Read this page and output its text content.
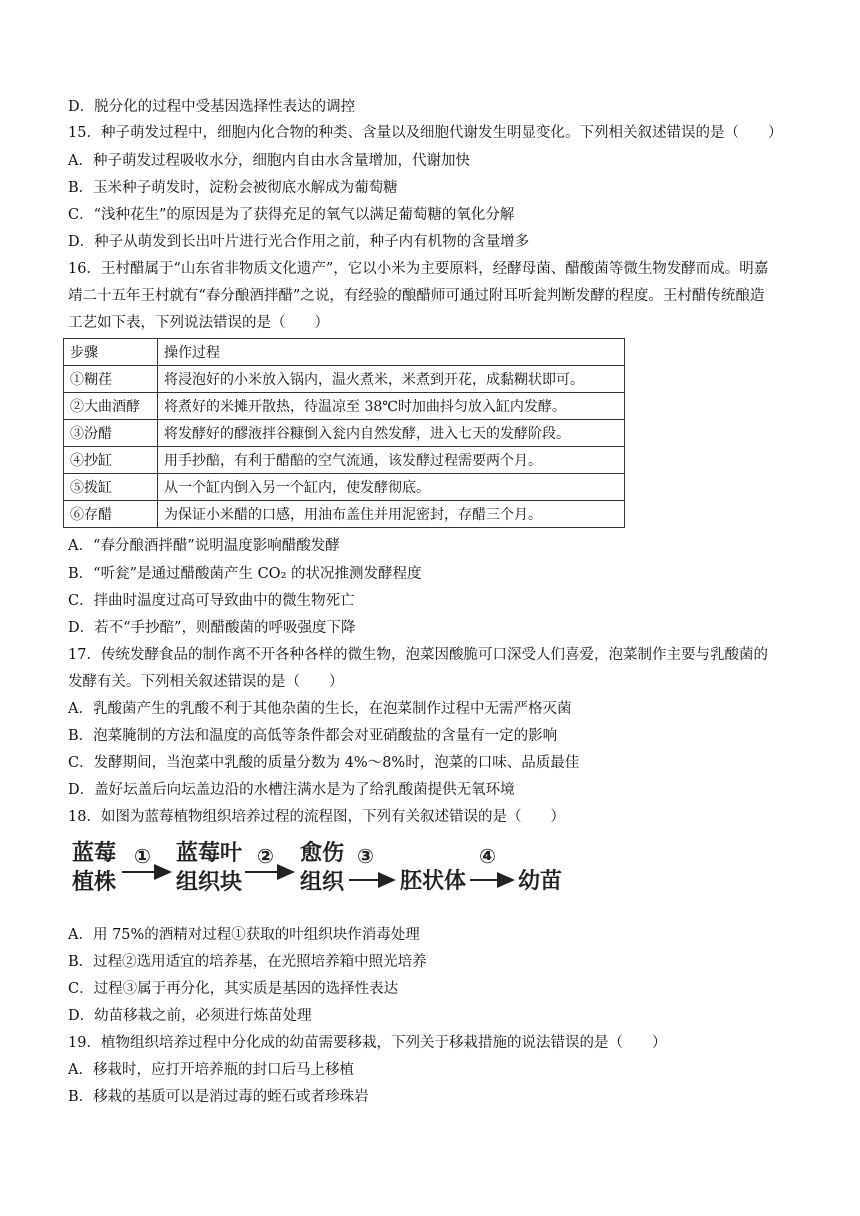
D．脱分化的过程中受基因选择性表达的调控
15．种子萌发过程中，细胞内化合物的种类、含量以及细胞代谢发生明显变化。下列相关叙述错误的是（　　）
A．种子萌发过程吸收水分，细胞内自由水含量增加，代谢加快
B．玉米种子萌发时，淀粉会被彻底水解成为葡萄糖
C．“浅种花生”的原因是为了获得充足的氧气以满足葡萄糖的氧化分解
D．种子从萌发到长出叶片进行光合作用之前，种子内有机物的含量增多
16．王村醋属于“山东省非物质文化遗产”，它以小米为主要原料，经酵母菌、醋酸菌等微生物发酵而成。明嘉
靖二十五年王村就有“春分酿酒拌醋”之说，有经验的酿醋师可通过附耳听瓮判断发酵的程度。王村醋传统酿造
工艺如下表，下列说法错误的是（　　）
步骤	操作过程
①糊荏	将浸泡好的小米放入锅内，温火煮米，米煮到开花，成黏糊状即可。
②大曲酒酵	将煮好的米摊开散热，待温凉至 38℃时加曲抖匀放入缸内发酵。
③汾醋	将发酵好的醪液拌谷糠倒入瓮内自然发酵，进入七天的发酵阶段。
④抄缸	用手抄醅，有利于醋醅的空气流通，该发酵过程需要两个月。
⑤拨缸	从一个缸内倒入另一个缸内，使发酵彻底。
⑥存醋	为保证小米醋的口感，用油布盖住并用泥密封，存醋三个月。
A．“春分酿酒拌醋”说明温度影响醋酸发酵
B．“听瓮”是通过醋酸菌产生 CO₂ 的状况推测发酵程度
C．拌曲时温度过高可导致曲中的微生物死亡
D．若不“手抄醅”，则醋酸菌的呼吸强度下降
17．传统发酵食品的制作离不开各种各样的微生物，泡菜因酸脆可口深受人们喜爱，泡菜制作主要与乳酸菌的
发酵有关。下列相关叙述错误的是（　　）
A．乳酸菌产生的乳酸不利于其他杂菌的生长，在泡菜制作过程中无需严格灭菌
B．泡菜腌制的方法和温度的高低等条件都会对亚硝酸盐的含量有一定的影响
C．发酵期间，当泡菜中乳酸的质量分数为 4%～8%时，泡菜的口味、品质最佳
D．盖好坛盖后向坛盖边沿的水槽注满水是为了给乳酸菌提供无氧环境
18．如图为蓝莓植物组织培养过程的流程图，下列有关叙述错误的是（　　）
蓝莓
植株
① 蓝莓叶
组织块
② 愈伤
组织
③
胚状体
④
幼苗
A．用 75%的酒精对过程①获取的叶组织块作消毒处理
B．过程②选用适宜的培养基，在光照培养箱中照光培养
C．过程③属于再分化，其实质是基因的选择性表达
D．幼苗移栽之前，必须进行炼苗处理
19．植物组织培养过程中分化成的幼苗需要移栽，下列关于移栽措施的说法错误的是（　　）
A．移栽时，应打开培养瓶的封口后马上移植
B．移栽的基质可以是消过毒的蛭石或者珍珠岩
